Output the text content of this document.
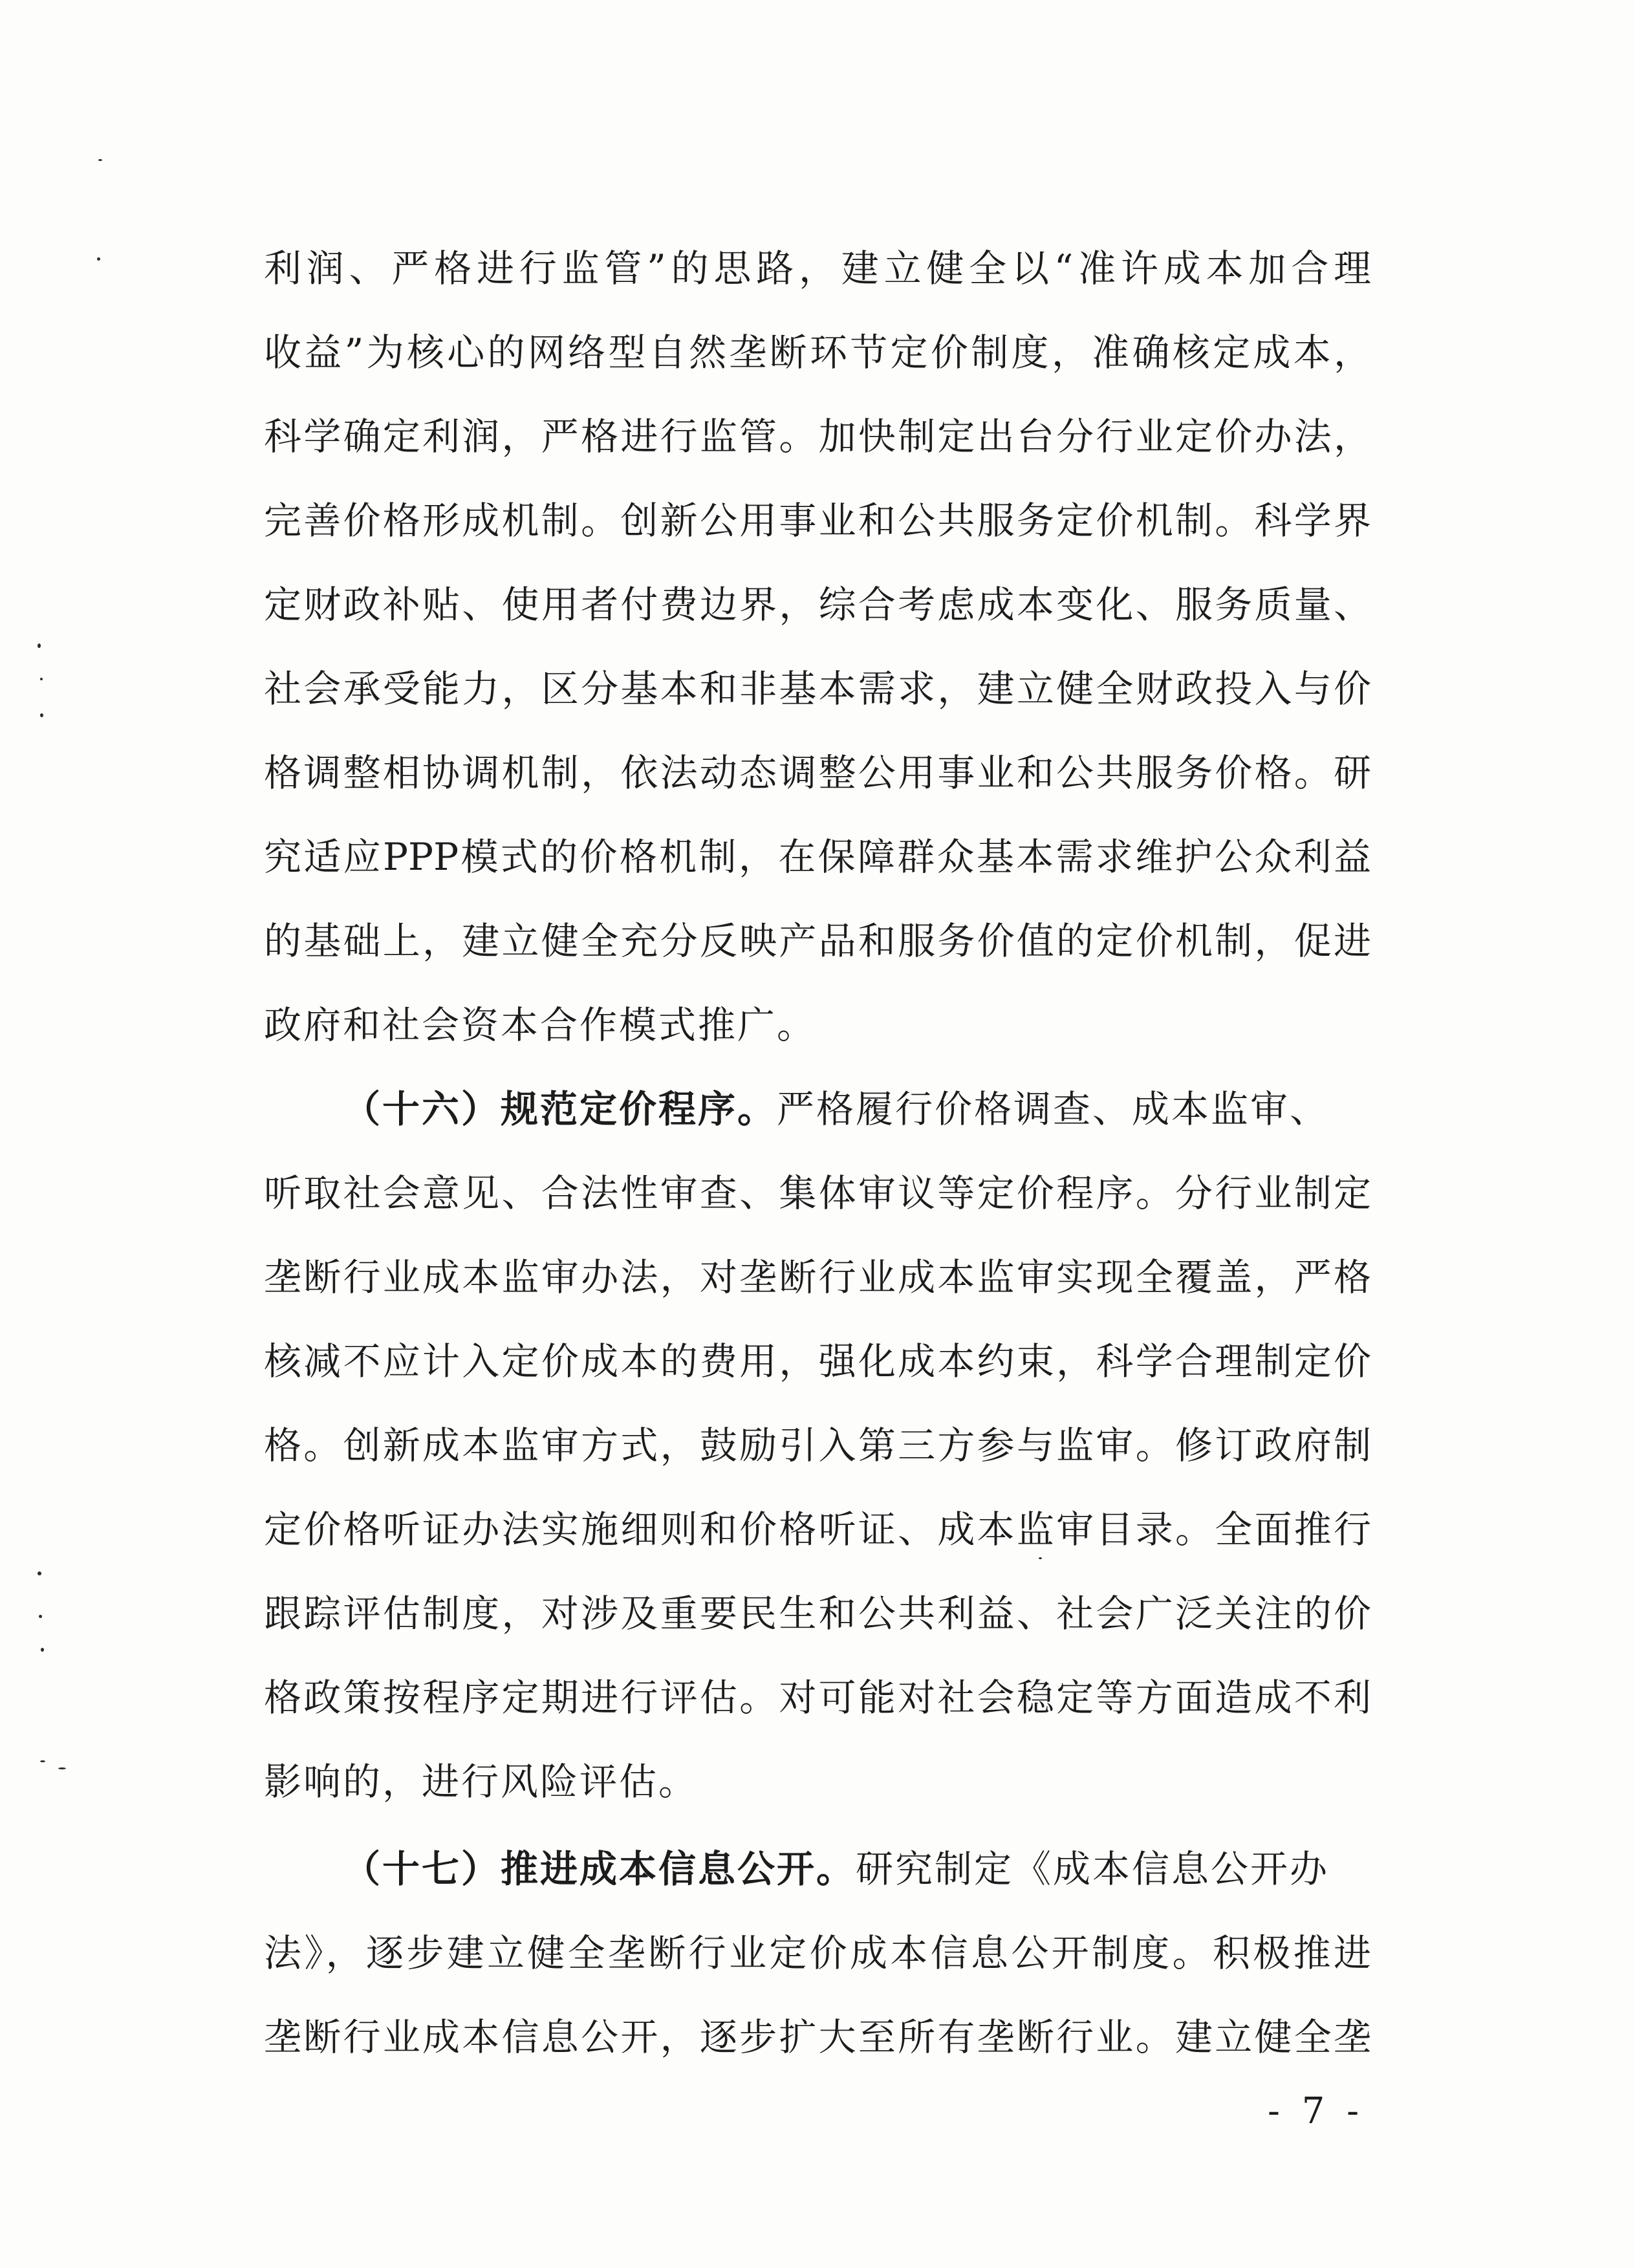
利润、严格进行监管”的思路，建立健全以“准许成本加合理
收益”为核心的网络型自然垄断环节定价制度，准确核定成本，
科学确定利润，严格进行监管。加快制定出台分行业定价办法，
完善价格形成机制。创新公用事业和公共服务定价机制。科学界
定财政补贴、使用者付费边界，综合考虑成本变化、服务质量、
社会承受能力，区分基本和非基本需求，建立健全财政投入与价
格调整相协调机制，依法动态调整公用事业和公共服务价格。研
究适应PPP模式的价格机制，在保障群众基本需求维护公众利益
的基础上，建立健全充分反映产品和服务价值的定价机制，促进
政府和社会资本合作模式推广。
（十六）规范定价程序。严格履行价格调查、成本监审、
听取社会意见、合法性审查、集体审议等定价程序。分行业制定
垄断行业成本监审办法，对垄断行业成本监审实现全覆盖，严格
核减不应计入定价成本的费用，强化成本约束，科学合理制定价
格。创新成本监审方式，鼓励引入第三方参与监审。修订政府制
定价格听证办法实施细则和价格听证、成本监审目录。全面推行
跟踪评估制度，对涉及重要民生和公共利益、社会广泛关注的价
格政策按程序定期进行评估。对可能对社会稳定等方面造成不利
影响的，进行风险评估。
（十七）推进成本信息公开。研究制定《成本信息公开办
法》，逐步建立健全垄断行业定价成本信息公开制度。积极推进
垄断行业成本信息公开，逐步扩大至所有垄断行业。建立健全垄
- 7 -
